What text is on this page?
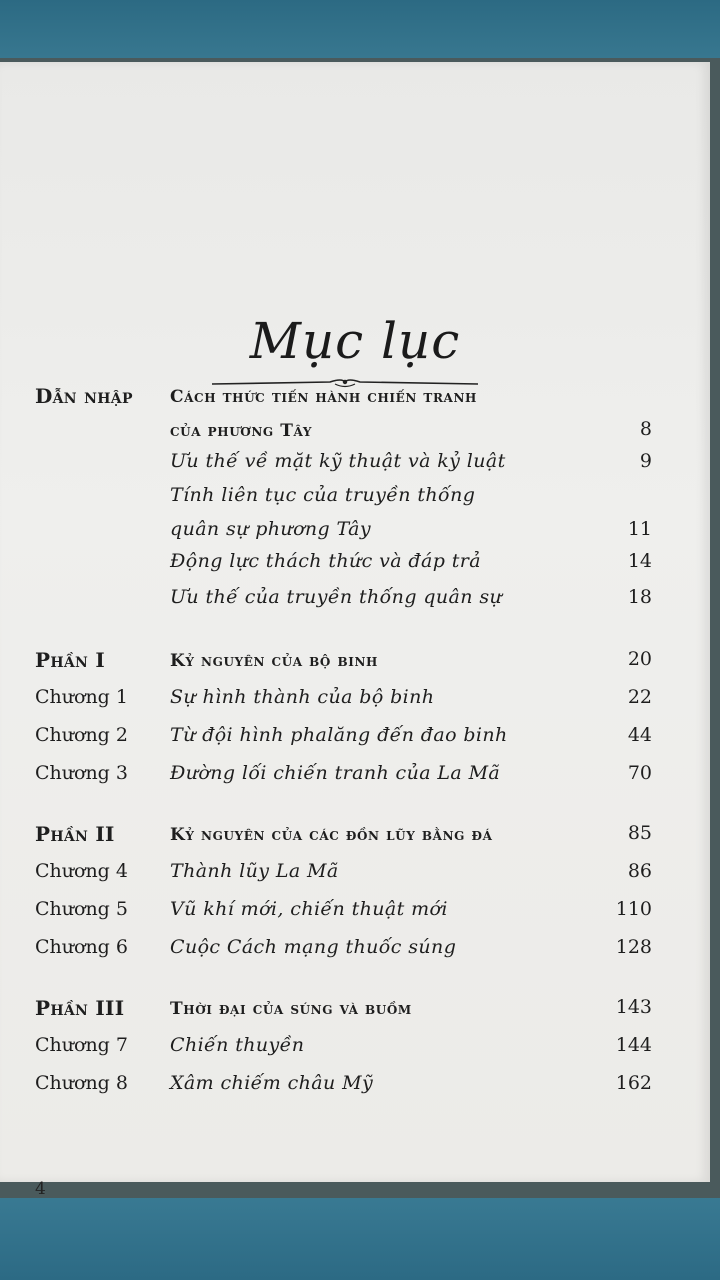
Mục lục
Dẫn nhập Cách thức tiến hành chiến tranh
của phương Tây	8
Ưu thế về mặt kỹ thuật và kỷ luật	9
Tính liên tục của truyền thống
quân sự phương Tây	11
Động lực thách thức và đáp trả	14
Ưu thế của truyền thống quân sự	18
Phần I	Kỷ nguyên của bộ binh	20
Chương 1 Sự hình thành của bộ binh	22
Chương 2 Từ đội hình phalăng đến đao binh	44
Chương 3 Đường lối chiến tranh của La Mã	70
Phần II	Kỷ nguyên của các đồn lũy bằng đá	85
Chương 4 Thành lũy La Mã	86
Chương 5 Vũ khí mới, chiến thuật mới	110
Chương 6 Cuộc Cách mạng thuốc súng	128
Phần III	Thời đại của súng và buồm	143
Chương 7 Chiến thuyền	144
Chương 8 Xâm chiếm châu Mỹ	162
4
